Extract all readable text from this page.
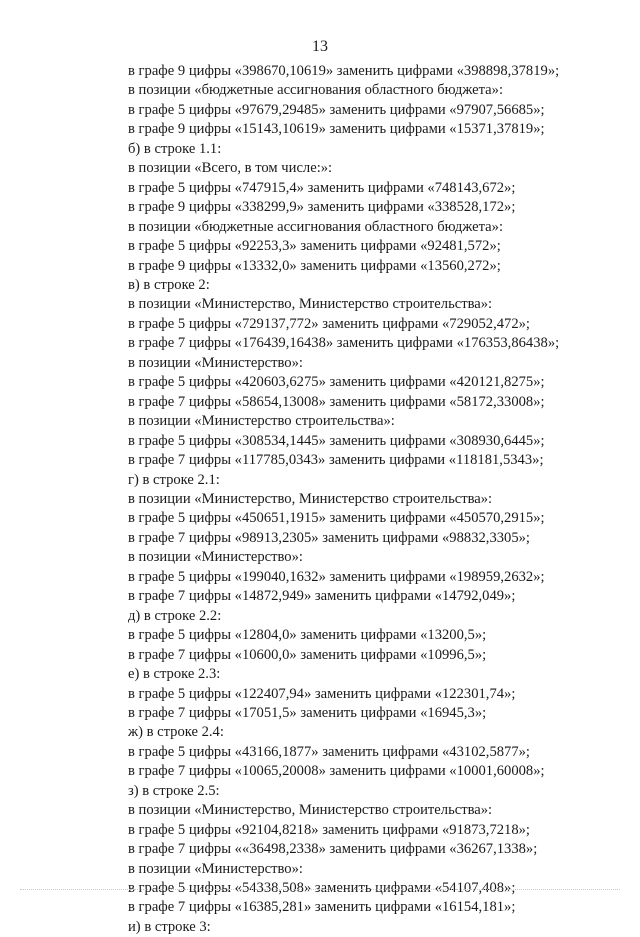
13
в графе 9 цифры «398670,10619» заменить цифрами «398898,37819»;
в позиции «бюджетные ассигнования областного бюджета»:
в графе 5 цифры «97679,29485» заменить цифрами «97907,56685»;
в графе 9 цифры «15143,10619» заменить цифрами «15371,37819»;
б) в строке 1.1:
в позиции «Всего, в том числе:»:
в графе 5 цифры «747915,4» заменить цифрами «748143,672»;
в графе 9 цифры «338299,9» заменить цифрами «338528,172»;
в позиции «бюджетные ассигнования областного бюджета»:
в графе 5 цифры «92253,3» заменить цифрами «92481,572»;
в графе 9 цифры «13332,0» заменить цифрами «13560,272»;
в) в строке 2:
в позиции «Министерство, Министерство строительства»:
в графе 5 цифры «729137,772» заменить цифрами «729052,472»;
в графе 7 цифры «176439,16438» заменить цифрами «176353,86438»;
в позиции «Министерство»:
в графе 5 цифры «420603,6275» заменить цифрами «420121,8275»;
в графе 7 цифры «58654,13008» заменить цифрами «58172,33008»;
в позиции «Министерство строительства»:
в графе 5 цифры «308534,1445» заменить цифрами «308930,6445»;
в графе 7 цифры «117785,0343» заменить цифрами «118181,5343»;
г) в строке 2.1:
в позиции «Министерство, Министерство строительства»:
в графе 5 цифры «450651,1915» заменить цифрами «450570,2915»;
в графе 7 цифры «98913,2305» заменить цифрами «98832,3305»;
в позиции «Министерство»:
в графе 5 цифры «199040,1632» заменить цифрами «198959,2632»;
в графе 7 цифры «14872,949» заменить цифрами «14792,049»;
д) в строке 2.2:
в графе 5 цифры «12804,0» заменить цифрами «13200,5»;
в графе 7 цифры «10600,0» заменить цифрами «10996,5»;
е) в строке 2.3:
в графе 5 цифры «122407,94» заменить цифрами «122301,74»;
в графе 7 цифры «17051,5» заменить цифрами «16945,3»;
ж) в строке 2.4:
в графе 5 цифры «43166,1877» заменить цифрами «43102,5877»;
в графе 7 цифры «10065,20008» заменить цифрами «10001,60008»;
з) в строке 2.5:
в позиции «Министерство, Министерство строительства»:
в графе 5 цифры «92104,8218» заменить цифрами «91873,7218»;
в графе 7 цифры ««36498,2338» заменить цифрами «36267,1338»;
в позиции «Министерство»:
в графе 5 цифры «54338,508» заменить цифрами «54107,408»;
в графе 7 цифры «16385,281» заменить цифрами «16154,181»;
и) в строке 3:
